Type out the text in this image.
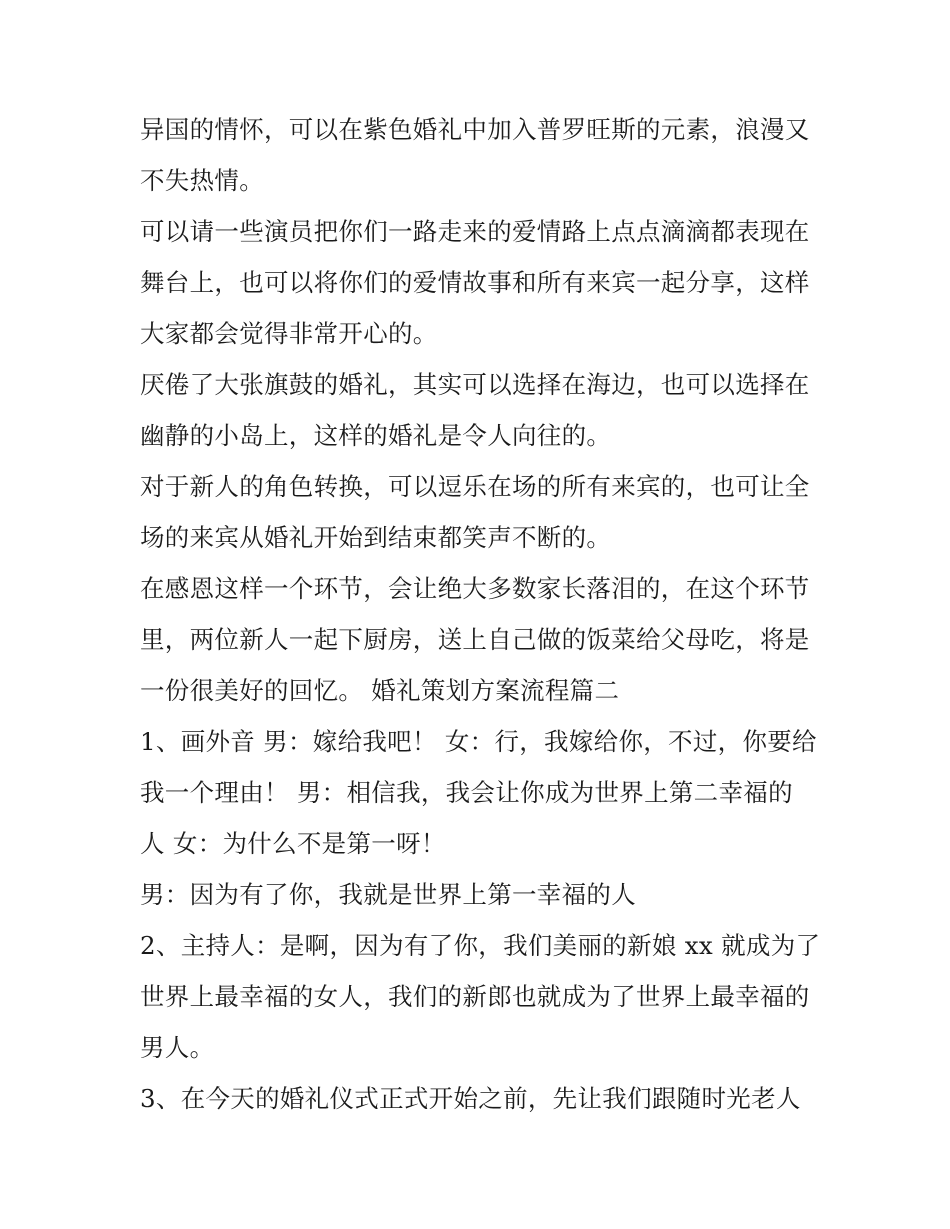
异国的情怀，可以在紫色婚礼中加入普罗旺斯的元素，浪漫又
不失热情。
可以请一些演员把你们一路走来的爱情路上点点滴滴都表现在
舞台上，也可以将你们的爱情故事和所有来宾一起分享，这样
大家都会觉得非常开心的。
厌倦了大张旗鼓的婚礼，其实可以选择在海边，也可以选择在
幽静的小岛上，这样的婚礼是令人向往的。
对于新人的角色转换，可以逗乐在场的所有来宾的，也可让全
场的来宾从婚礼开始到结束都笑声不断的。
在感恩这样一个环节，会让绝大多数家长落泪的，在这个环节
里，两位新人一起下厨房，送上自己做的饭菜给父母吃，将是
一份很美好的回忆。 婚礼策划方案流程篇二
1、画外音 男：嫁给我吧！ 女：行，我嫁给你，不过，你要给
我一个理由！ 男：相信我，我会让你成为世界上第二幸福的
人 女：为什么不是第一呀！
男：因为有了你，我就是世界上第一幸福的人
2、主持人：是啊，因为有了你，我们美丽的新娘 xx 就成为了
世界上最幸福的女人，我们的新郎也就成为了世界上最幸福的
男人。
3、在今天的婚礼仪式正式开始之前，先让我们跟随时光老人
